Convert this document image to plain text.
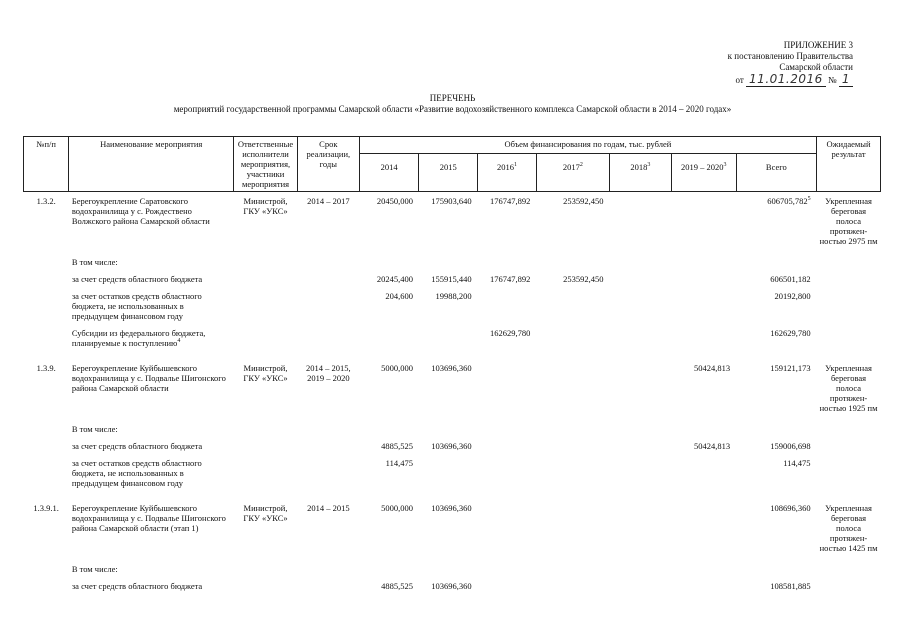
ПРИЛОЖЕНИЕ 3
к постановлению Правительства
Самарской области
от 11.01.2016 № 1
ПЕРЕЧЕНЬ
мероприятий государственной программы Самарской области «Развитие водохозяйственного комплекса Самарской области в 2014 – 2020 годах»
№п/п	Наименование мероприятия	Ответственные исполнители мероприятия, участники мероприятия	Срок реализации, годы	Объем финансирования по годам, тыс. рублей							Ожидаемый результат
				2014	2015	2016$^1$	2017$^2$	2018$^3$	2019 – 2020$^3$	Всего	
1.3.2.	Берегоукрепление Саратовского водохранилища у с. Рождествено Волжского района Самарской области	Министрой, ГКУ «УКС»	2014 – 2017	20450,000	175903,640	176747,892	253592,450			606705,782$^5$	Укрепленная береговая полоса протяжен-ностью 2975 пм
	В том числе:										
	за счет средств областного бюджета			20245,400	155915,440	176747,892	253592,450			606501,182	
	за счет остатков средств областного бюджета, не использованных в предыдущем финансовом году			204,600	19988,200					20192,800	
	Субсидии из федерального бюджета, планируемые к поступлению$^4$					162629,780				162629,780	
1.3.9.	Берегоукрепление Куйбышевского водохранилища у с. Подвалье Шигонского района Самарской области	Министрой, ГКУ «УКС»	2014 – 2015, 2019 – 2020	5000,000	103696,360				50424,813	159121,173	Укрепленная береговая полоса протяжен-ностью 1925 пм
	В том числе:										
	за счет средств областного бюджета			4885,525	103696,360				50424,813	159006,698	
	за счет остатков средств областного бюджета, не использованных в предыдущем финансовом году			114,475						114,475	
1.3.9.1.	Берегоукрепление Куйбышевского водохранилища у с. Подвалье Шигонского района Самарской области (этап 1)	Министрой, ГКУ «УКС»	2014 – 2015	5000,000	103696,360					108696,360	Укрепленная береговая полоса протяжен-ностью 1425 пм
	В том числе:										
	за счет средств областного бюджета			4885,525	103696,360					108581,885	
